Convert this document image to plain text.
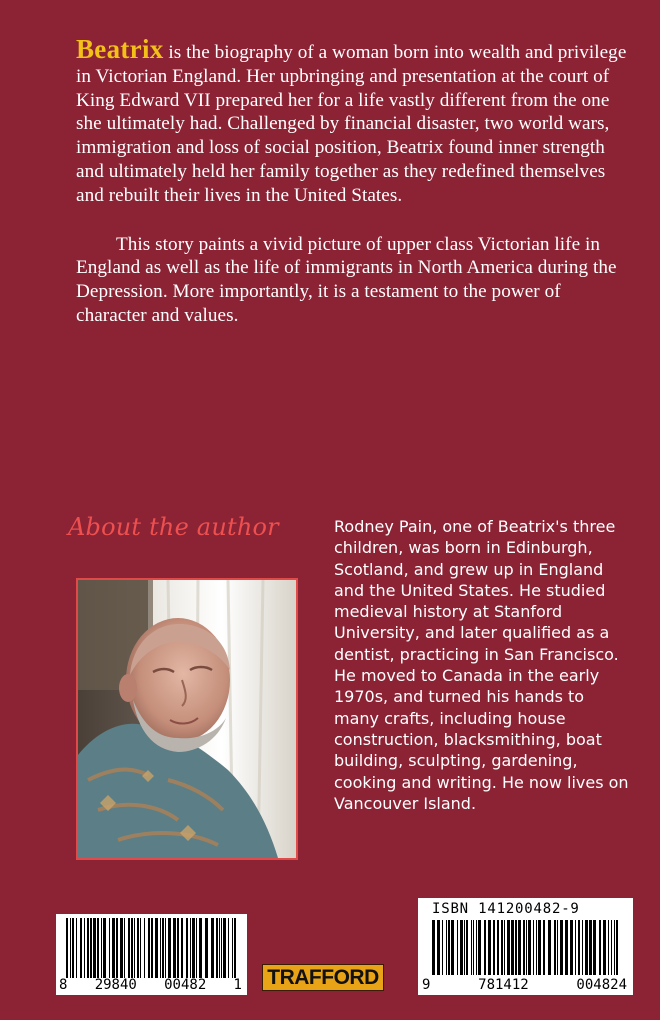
Beatrix is the biography of a woman born into wealth and privilege in Victorian England. Her upbringing and presentation at the court of King Edward VII prepared her for a life vastly different from the one she ultimately had. Challenged by financial disaster, two world wars, immigration and loss of social position, Beatrix found inner strength and ultimately held her family together as they redefined themselves and rebuilt their lives in the United States.

This story paints a vivid picture of upper class Victorian life in England as well as the life of immigrants in North America during the Depression. More importantly, it is a testament to the power of character and values.

About the author	Rodney Pain, one of Beatrix's three children, was born in Edinburgh, Scotland, and grew up in England and the United States. He studied medieval history at Stanford University, and later qualified as a dentist, practicing in San Francisco. He moved to Canada in the early 1970s, and turned his hands to many crafts, including house construction, blacksmithing, boat building, sculpting, gardening, cooking and writing. He now lives on Vancouver Island.
8 29840 00482 1 TRAFFORD
ISBN 141200482-9
9	781412	004824
